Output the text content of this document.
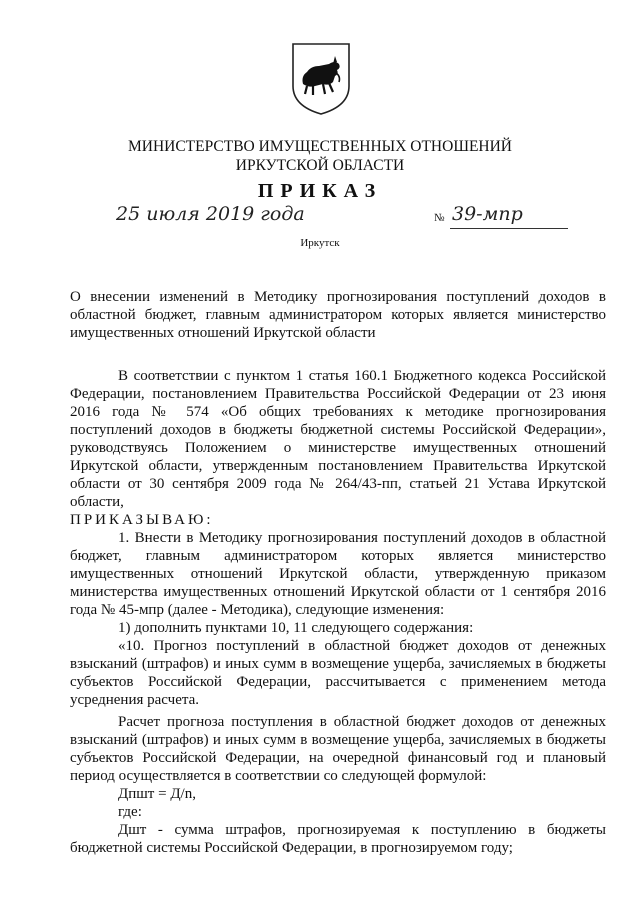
МИНИСТЕРСТВО ИМУЩЕСТВЕННЫХ ОТНОШЕНИЙ
ИРКУТСКОЙ ОБЛАСТИ
ПРИКАЗ
25 июля 2019 года	№ 39-мпр
Иркутск
О внесении изменений в Методику прогнозирования поступлений доходов в областной бюджет, главным администратором которых является министерство имущественных отношений Иркутской области

В соответствии с пунктом 1 статья 160.1 Бюджетного кодекса Российской Федерации, постановлением Правительства Российской Федерации от 23 июня 2016 года № 574 «Об общих требованиях к методике прогнозирования поступлений доходов в бюджеты бюджетной системы Российской Федерации», руководствуясь Положением о министерстве имущественных отношений Иркутской области, утвержденным постановлением Правительства Иркутской области от 30 сентября 2009 года № 264/43-пп, статьей 21 Устава Иркутской области,

ПРИКАЗЫВАЮ:

1. Внести в Методику прогнозирования поступлений доходов в областной бюджет, главным администратором которых является министерство имущественных отношений Иркутской области, утвержденную приказом министерства имущественных отношений Иркутской области от 1 сентября 2016 года № 45-мпр (далее - Методика), следующие изменения:

1) дополнить пунктами 10, 11 следующего содержания:

«10. Прогноз поступлений в областной бюджет доходов от денежных взысканий (штрафов) и иных сумм в возмещение ущерба, зачисляемых в бюджеты субъектов Российской Федерации, рассчитывается с применением метода усреднения расчета.

Расчет прогноза поступления в областной бюджет доходов от денежных взысканий (штрафов) и иных сумм в возмещение ущерба, зачисляемых в бюджеты субъектов Российской Федерации, на очередной финансовый год и плановый период осуществляется в соответствии со следующей формулой:

Дпшт = Д/n,

где:

Дшт - сумма штрафов, прогнозируемая к поступлению в бюджеты бюджетной системы Российской Федерации, в прогнозируемом году;
